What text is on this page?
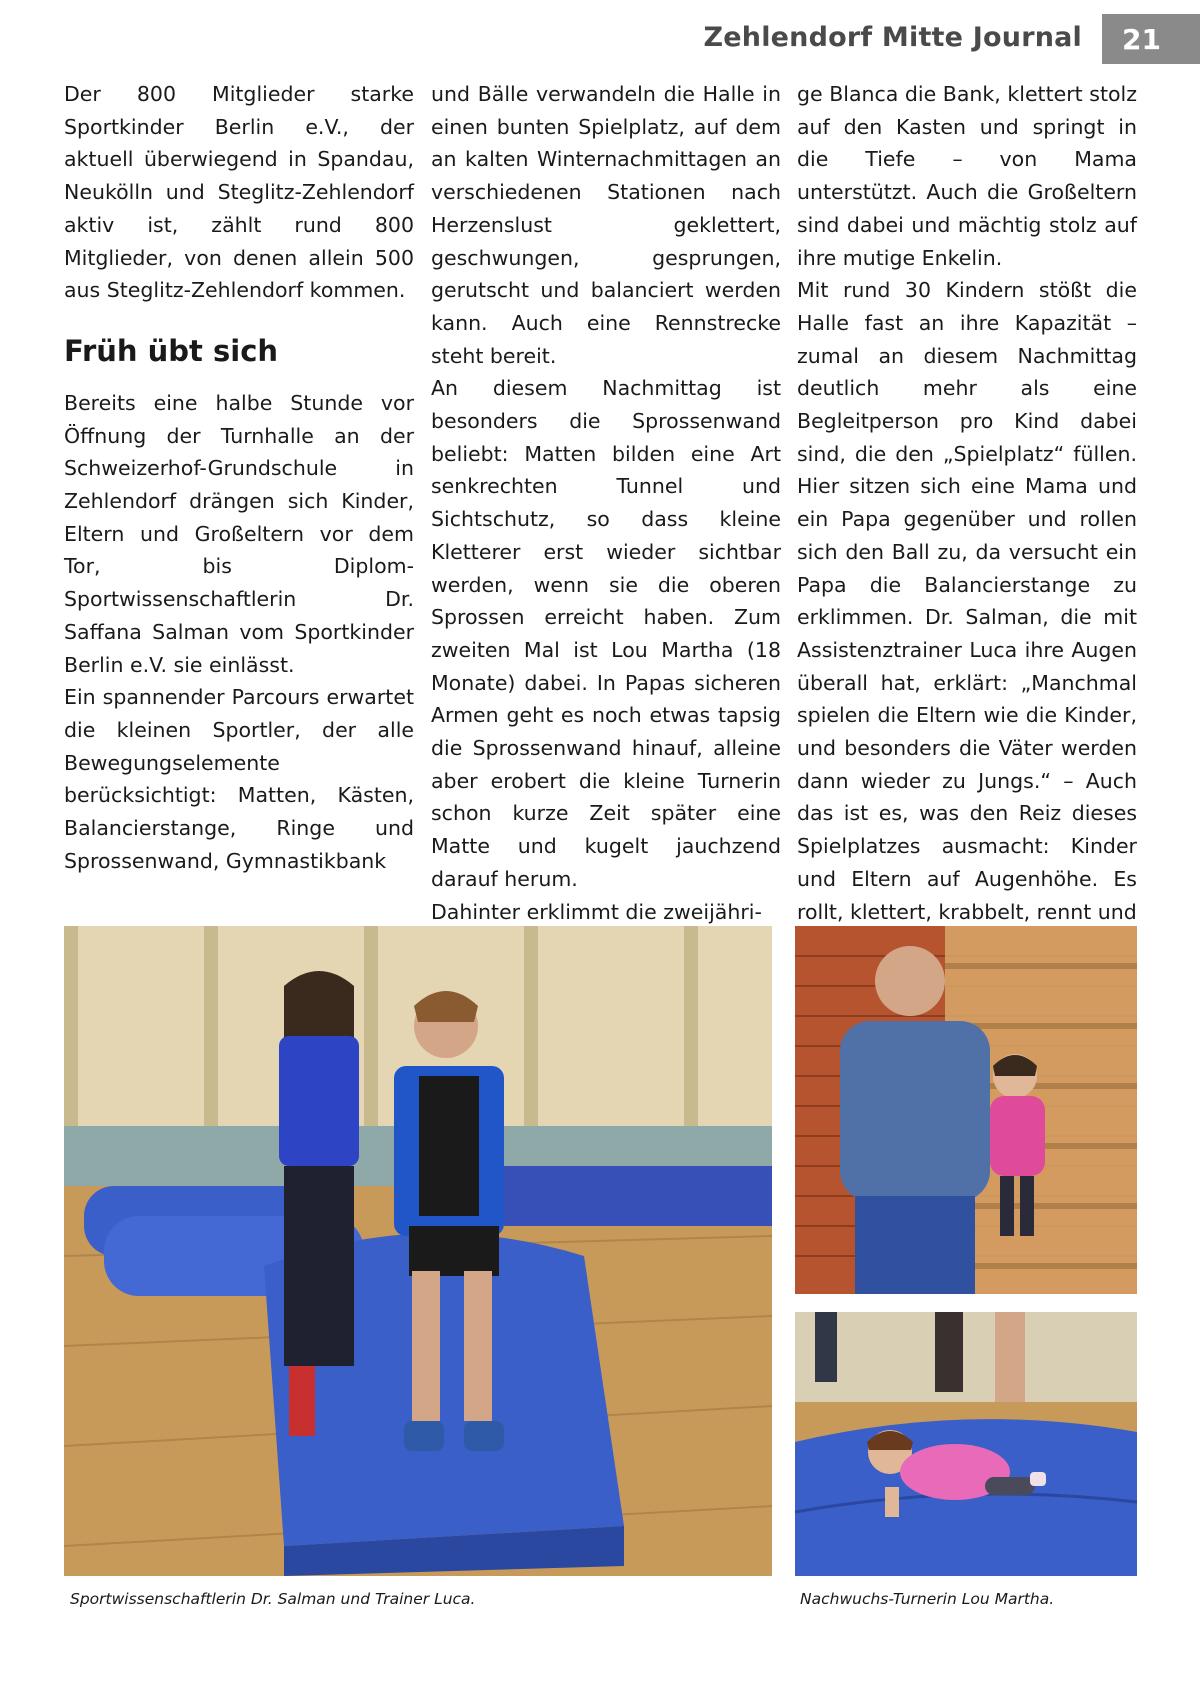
Zehlendorf Mitte Journal	21

Der 800 Mitglieder starke Sportkinder Berlin e.V., der aktuell überwiegend in Spandau, Neukölln und Steglitz-Zehlendorf aktiv ist, zählt rund 800 Mitglieder, von denen allein 500 aus Steglitz-Zehlendorf kommen.

Früh übt sich

Bereits eine halbe Stunde vor Öffnung der Turnhalle an der Schweizerhof-Grundschule in Zehlendorf drängen sich Kinder, Eltern und Großeltern vor dem Tor, bis Diplom-Sportwissenschaftlerin Dr. Saffana Salman vom Sportkinder Berlin e.V. sie einlässt.

Ein spannender Parcours erwartet die kleinen Sportler, der alle Bewegungselemente berücksichtigt: Matten, Kästen, Balancierstange, Ringe und Sprossenwand, Gymnastikbank

und Bälle verwandeln die Halle in einen bunten Spielplatz, auf dem an kalten Winternachmittagen an verschiedenen Stationen nach Herzenslust geklettert, geschwungen, gesprungen, gerutscht und balanciert werden kann. Auch eine Rennstrecke steht bereit.

An diesem Nachmittag ist besonders die Sprossenwand beliebt: Matten bilden eine Art senkrechten Tunnel und Sichtschutz, so dass kleine Kletterer erst wieder sichtbar werden, wenn sie die oberen Sprossen erreicht haben. Zum zweiten Mal ist Lou Martha (18 Monate) dabei. In Papas sicheren Armen geht es noch etwas tapsig die Sprossenwand hinauf, alleine aber erobert die kleine Turnerin schon kurze Zeit später eine Matte und kugelt jauchzend darauf herum.

Dahinter erklimmt die zweijähri-

ge Blanca die Bank, klettert stolz auf den Kasten und springt in die Tiefe – von Mama unterstützt. Auch die Großeltern sind dabei und mächtig stolz auf ihre mutige Enkelin.

Mit rund 30 Kindern stößt die Halle fast an ihre Kapazität – zumal an diesem Nachmittag deutlich mehr als eine Begleitperson pro Kind dabei sind, die den „Spielplatz“ füllen. Hier sitzen sich eine Mama und ein Papa gegenüber und rollen sich den Ball zu, da versucht ein Papa die Balancierstange zu erklimmen. Dr. Salman, die mit Assistenztrainer Luca ihre Augen überall hat, erklärt: „Manchmal spielen die Eltern wie die Kinder, und besonders die Väter werden dann wieder zu Jungs.“ – Auch das ist es, was den Reiz dieses Spielplatzes ausmacht: Kinder und Eltern auf Augenhöhe. Es rollt, klettert, krabbelt, rennt und

Sportwissenschaftlerin Dr. Salman und Trainer Luca.	Nachwuchs-Turnerin Lou Martha.
